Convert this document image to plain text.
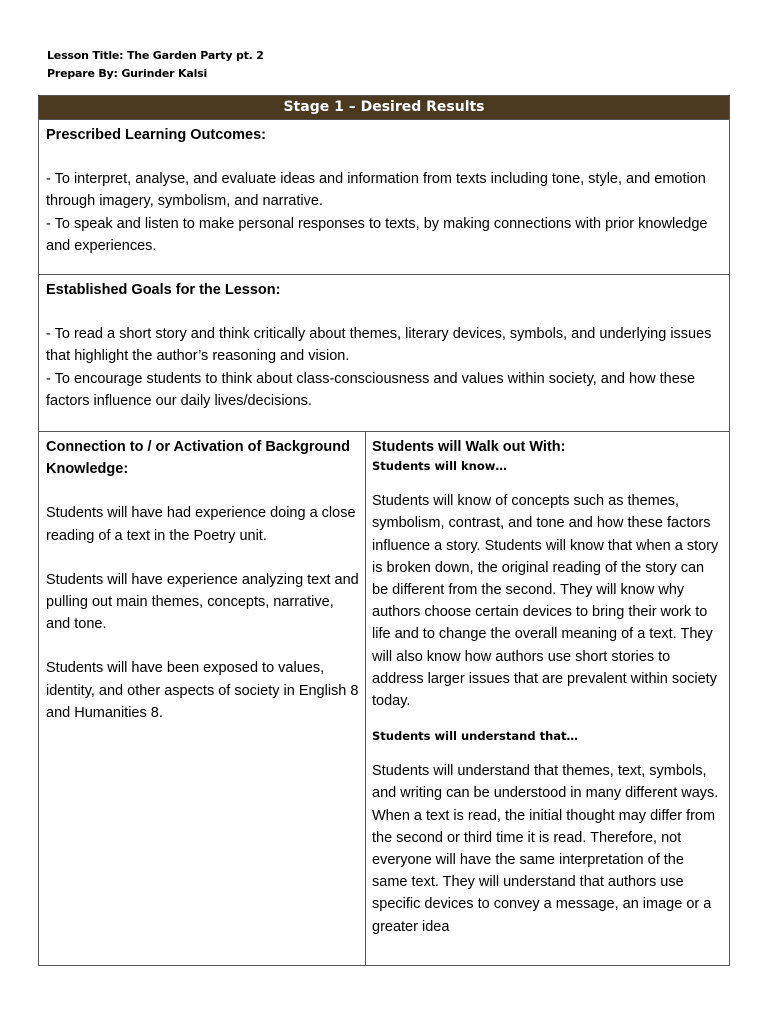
Lesson Title: The Garden Party pt. 2
Prepare By: Gurinder Kalsi
Stage 1 – Desired Results

Prescribed Learning Outcomes:

- To interpret, analyse, and evaluate ideas and information from texts including tone, style, and emotion through imagery, symbolism, and narrative.

- To speak and listen to make personal responses to texts, by making connections with prior knowledge and experiences.

Established Goals for the Lesson:

- To read a short story and think critically about themes, literary devices, symbols, and underlying issues that highlight the author’s reasoning and vision.

- To encourage students to think about class-consciousness and values within society, and how these factors influence our daily lives/decisions.

Connection to / or Activation of Background Knowledge:

Students will have had experience doing a close reading of a text in the Poetry unit.

Students will have experience analyzing text and pulling out main themes, concepts, narrative, and tone.

Students will have been exposed to values, identity, and other aspects of society in English 8 and Humanities 8.

Students will Walk out With:

Students will know…

Students will know of concepts such as themes, symbolism, contrast, and tone and how these factors influence a story. Students will know that when a story is broken down, the original reading of the story can be different from the second. They will know why authors choose certain devices to bring their work to life and to change the overall meaning of a text. They will also know how authors use short stories to address larger issues that are prevalent within society today.

Students will understand that…

Students will understand that themes, text, symbols, and writing can be understood in many different ways. When a text is read, the initial thought may differ from the second or third time it is read. Therefore, not everyone will have the same interpretation of the same text. They will understand that authors use specific devices to convey a message, an image or a greater idea
